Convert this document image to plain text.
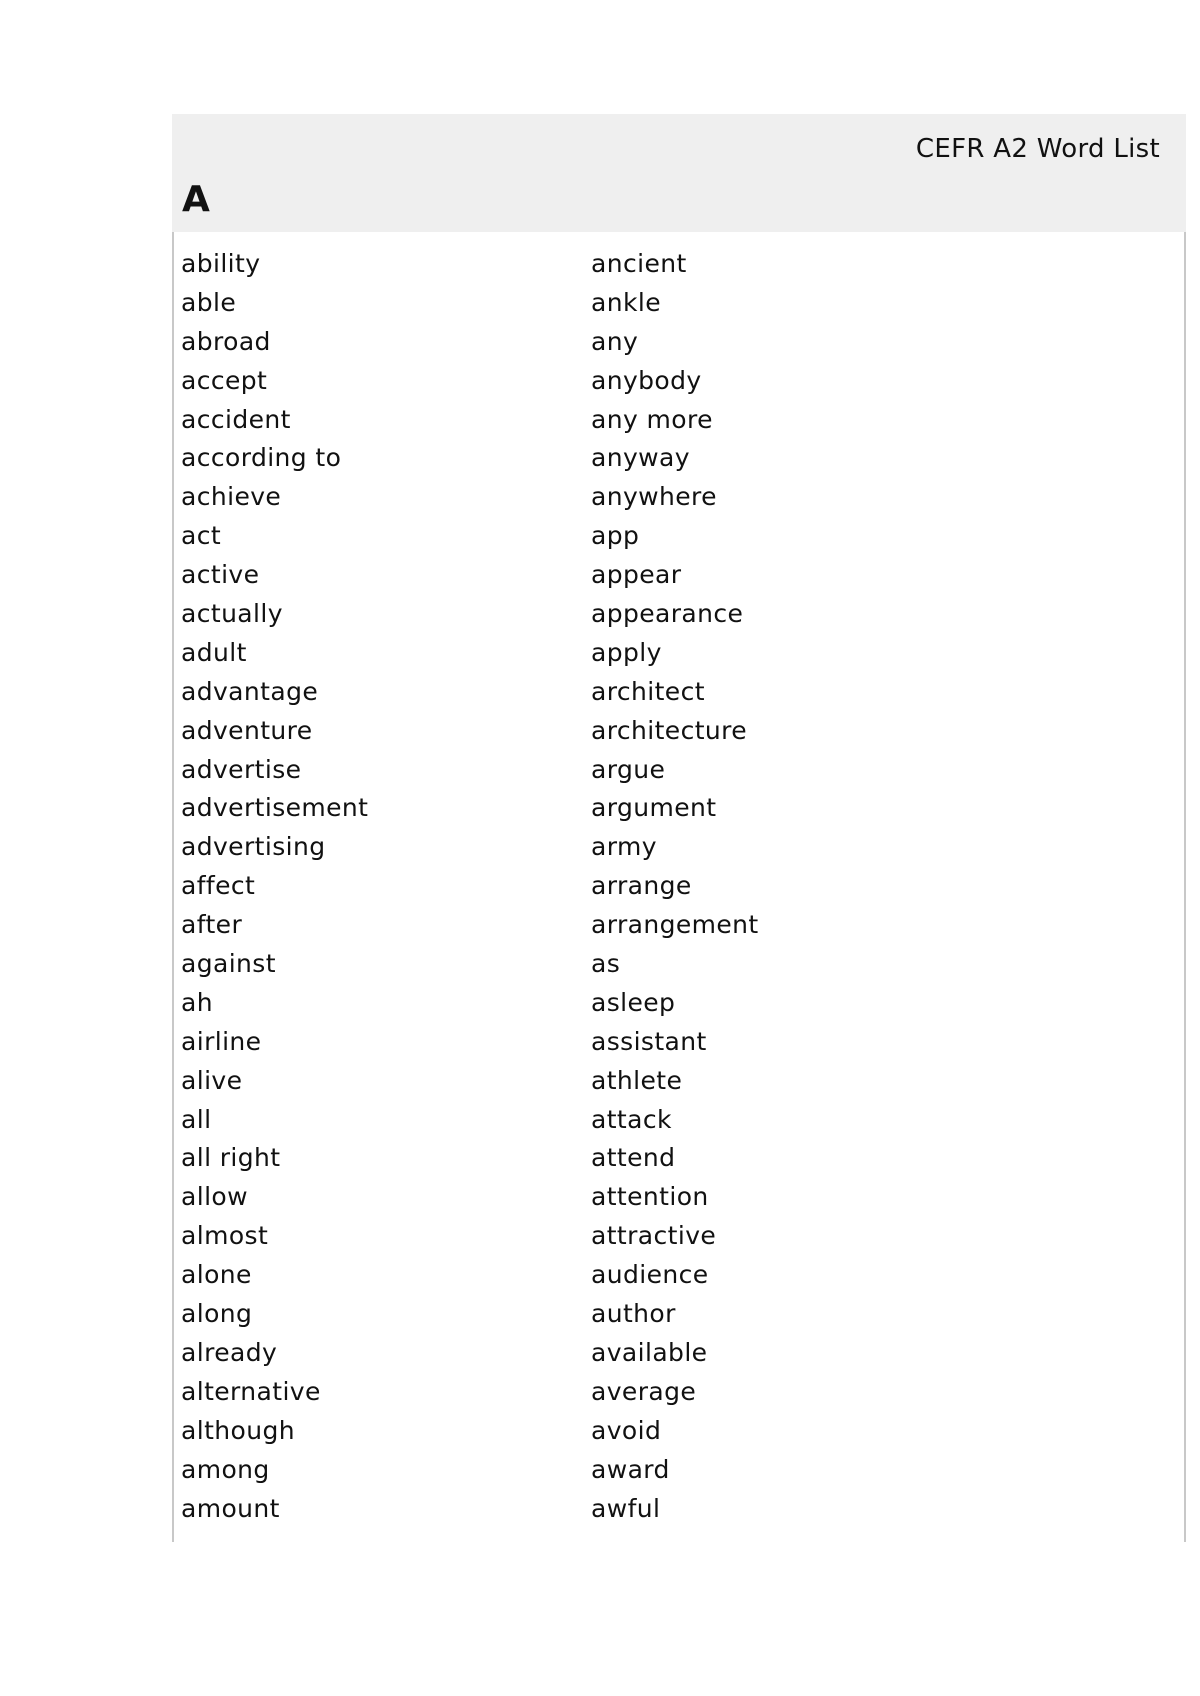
CEFR A2 Word List
A
ability
able
abroad
accept
accident
according to
achieve
act
active
actually
adult
advantage
adventure
advertise
advertisement
advertising
affect
after
against
ah
airline
alive
all
all right
allow
almost
alone
along
already
alternative
although
among
amount
ancient
ankle
any
anybody
any more
anyway
anywhere
app
appear
appearance
apply
architect
architecture
argue
argument
army
arrange
arrangement
as
asleep
assistant
athlete
attack
attend
attention
attractive
audience
author
available
average
avoid
award
awful
